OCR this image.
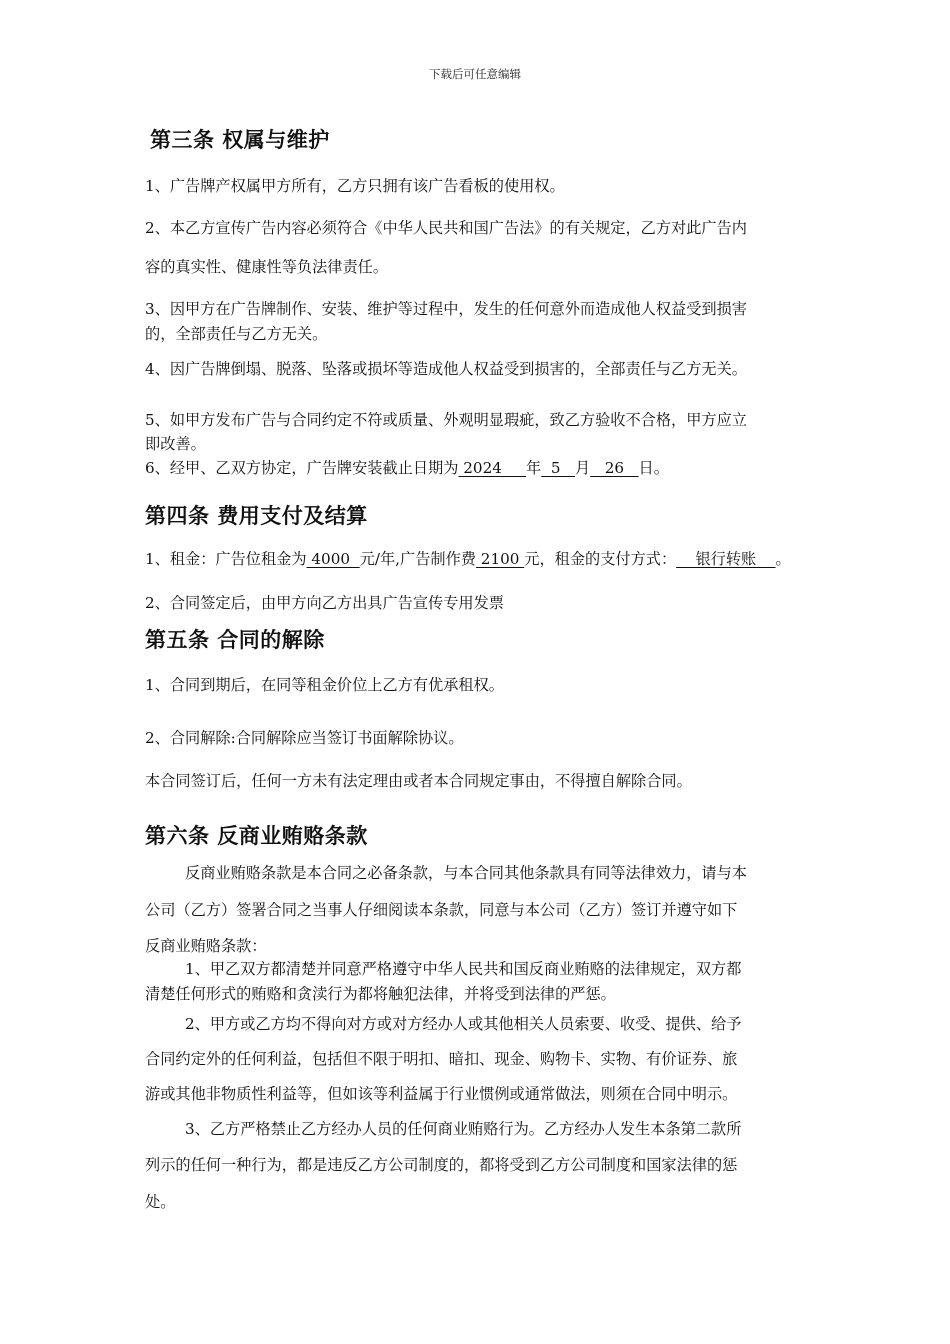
下载后可任意编辑
第三条 权属与维护
1、广告牌产权属甲方所有，乙方只拥有该广告看板的使用权。
2、本乙方宣传广告内容必须符合《中华人民共和国广告法》的有关规定，乙方对此广告内
容的真实性、健康性等负法律责任。
3、因甲方在广告牌制作、安装、维护等过程中，发生的任何意外而造成他人权益受到损害
的，全部责任与乙方无关。
4、因广告牌倒塌、脱落、坠落或损坏等造成他人权益受到损害的，全部责任与乙方无关。
5、如甲方发布广告与合同约定不符或质量、外观明显瑕疵，致乙方验收不合格，甲方应立
即改善。
6、经甲、乙双方协定，广告牌安装截止日期为 2024     年  5   月   26   日。
第四条 费用支付及结算
1、租金：广告位租金为 4000  元/年,广告制作费 2100 元，租金的支付方式：    银行转账    。
2、合同签定后，由甲方向乙方出具广告宣传专用发票
第五条 合同的解除
1、合同到期后，在同等租金价位上乙方有优承租权。
2、合同解除:合同解除应当签订书面解除协议。
本合同签订后，任何一方未有法定理由或者本合同规定事由，不得擅自解除合同。
第六条 反商业贿赂条款
反商业贿赂条款是本合同之必备条款，与本合同其他条款具有同等法律效力，请与本
公司（乙方）签署合同之当事人仔细阅读本条款，同意与本公司（乙方）签订并遵守如下
反商业贿赂条款：
1、甲乙双方都清楚并同意严格遵守中华人民共和国反商业贿赂的法律规定，双方都
清楚任何形式的贿赂和贪渎行为都将触犯法律，并将受到法律的严惩。
2、甲方或乙方均不得向对方或对方经办人或其他相关人员索要、收受、提供、给予
合同约定外的任何利益，包括但不限于明扣、暗扣、现金、购物卡、实物、有价证券、旅
游或其他非物质性利益等，但如该等利益属于行业惯例或通常做法，则须在合同中明示。
3、乙方严格禁止乙方经办人员的任何商业贿赂行为。乙方经办人发生本条第二款所
列示的任何一种行为，都是违反乙方公司制度的，都将受到乙方公司制度和国家法律的惩
处。
